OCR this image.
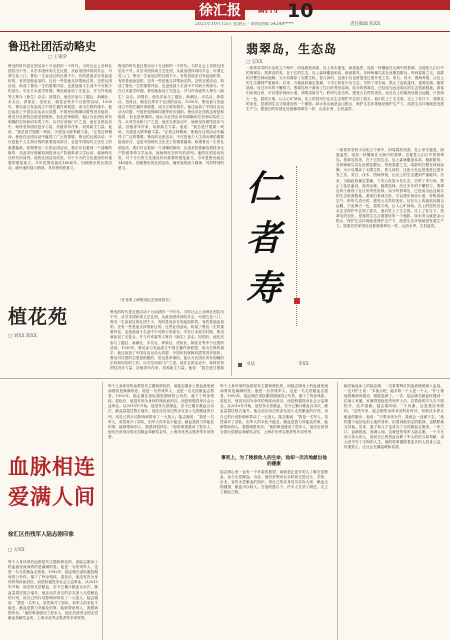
徐汇报	副刊 10
2021年10月15日 星期五 · 新闻热线 54249****	责任编辑 陈XX
鲁迅社团活动略史
□ 王锡荣
鲁迅的时代是社团活动十分活跃的一个时代。当时社会上各种社团层出不穷，从学术团体到文艺社团，从政治团体到同乡会，可谓五花八门。鲁迅一生参加过的社团不少，有的是他亲自发起组织的，有的是他参加的，还有一些是他支持帮助过的。这些社团活动，构成了鲁迅一生的重要内容，也是他战斗生涯中不可缺少的部分。早在日本留学时期，鲁迅就参加了光复会，并与许寿裳等人筹办《新生》杂志。回国后，他先后参与了越社、新潮社、未名社、莽原社、语丝社、朝花社等多个社团的活动。1930年，鲁迅参与发起成立中国左翼作家联盟，成为左联的旗手。他还参加了中国自由运动大同盟、中国民权保障同盟等进步组织。鲁迅对社团的态度是积极的，但也是审慎的。他认为社团应该有明确的宗旨和切实的工作，反对空谈和门户之见。他在社团活动中，始终坚持团结进步力量，扶植青年作家，培养新生力量。他说：“我总是甘愿做一块砖，为建造大厦奉献力量。”正是这种精神，使他在社团活动中赢得了广泛的尊敬。鲁迅的社团活动，不仅是他个人生命历程的重要组成部分，也是中国现代文化史上的重要篇章。纵观鲁迅一生的社团活动，我们可以看到一个清晰的脉络：从追求民族解放到投身无产阶级革命文学运动，他始终站在时代的前列。他的社团活动经验，对于今天的文化建设仍有重要的借鉴意义。今年是鲁迅诞辰140周年，回顾鲁迅的社团活动，缅怀他的战斗精神，具有特别的意义。
鲁迅的时代是社团活动十分活跃的一个时代。当时社会上各种社团层出不穷，从学术团体到文艺社团，从政治团体到同乡会，可谓五花八门。鲁迅一生参加过的社团不少，有的是他亲自发起组织的，有的是他参加的，还有一些是他支持帮助过的。这些社团活动，构成了鲁迅一生的重要内容，也是他战斗生涯中不可缺少的部分。早在日本留学时期，鲁迅就参加了光复会，并与许寿裳等人筹办《新生》杂志。回国后，他先后参与了越社、新潮社、未名社、莽原社、语丝社、朝花社等多个社团的活动。1930年，鲁迅参与发起成立中国左翼作家联盟，成为左联的旗手。他还参加了中国自由运动大同盟、中国民权保障同盟等进步组织。鲁迅对社团的态度是积极的，但也是审慎的。他认为社团应该有明确的宗旨和切实的工作，反对空谈和门户之见。他在社团活动中，始终坚持团结进步力量，扶植青年作家，培养新生力量。他说：“我总是甘愿做一块砖，为建造大厦奉献力量。”正是这种精神，使他在社团活动中赢得了广泛的尊敬。鲁迅的社团活动，不仅是他个人生命历程的重要组成部分，也是中国现代文化史上的重要篇章。纵观鲁迅一生的社团活动，我们可以看到一个清晰的脉络：从追求民族解放到投身无产阶级革命文学运动，他始终站在时代的前列。他的社团活动经验，对于今天的文化建设仍有重要的借鉴意义。今年是鲁迅诞辰140周年，回顾鲁迅的社团活动，缅怀他的战斗精神，具有特别的意义。
（作者系上海鲁迅纪念馆原馆长）
植花苑
□ 刘XX 陈XX
鲁迅的时代是社团活动十分活跃的一个时代。当时社会上各种社团层出不穷，从学术团体到文艺社团，从政治团体到同乡会，可谓五花八门。鲁迅一生参加过的社团不少，有的是他亲自发起组织的，有的是他参加的，还有一些是他支持帮助过的。这些社团活动，构成了鲁迅一生的重要内容，也是他战斗生涯中不可缺少的部分。早在日本留学时期，鲁迅就参加了光复会，并与许寿裳等人筹办《新生》杂志。回国后，他先后参与了越社、新潮社、未名社、莽原社、语丝社、朝花社等多个社团的活动。1930年，鲁迅参与发起成立中国左翼作家联盟，成为左联的旗手。他还参加了中国自由运动大同盟、中国民权保障同盟等进步组织。鲁迅对社团的态度是积极的，但也是审慎的。他认为社团应该有明确的宗旨和切实的工作，反对空谈和门户之见。他在社团活动中，始终坚持团结进步力量，扶植青年作家，培养新生力量。他说：“我总是甘愿做
翡翠岛，生态岛
□ 吴XX
一座孤零零的小岛屹立于海中，四周碧波荡漾，岛上草木葱茏，绿意盎然，宛如一块镶嵌在大海中的翡翠。这便是人们口中的翡翠岛。翡翠岛的美，在于它的生态。岛上森林覆盖率高，植被繁茂，各种珍稀鸟类在此栖息繁衍。每到春夏之交，成群的白鹭在林间起舞，为小岛增添了无限生机。曾几何时，这座小岛也曾饱受过度开发之苦。采石、伐木、围海养殖，让岛上的生态遭到严重破坏。后来，当地政府痛定思痛，下决心恢复小岛生态，关停了采石场，禁止了乱砍滥伐，退养还滩，植树造林。经过多年的不懈努力，翡翠岛终于重现了往日的秀美容颜。如今的翡翠岛，已经成为远近闻名的生态旅游胜地。游客们来到这里，可以漫步林间小道，呼吸清新空气，聆听鸟语虫鸣，感受大自然的美好。站在岛上的最高处极目远眺，只见海天一色，碧波万顷，让人心旷神怡。岛上的居民们也从生态保护中尝到了甜头，他们吃上了生态饭，过上了好日子。翡翠岛的变化，是我国生态文明建设的一个缩影。绿水青山就是金山银山，保护生态环境就是保护生产力，改善生态环境就是发展生产力。愿我们的家园处处都像翡翠岛一样，山清水秀，生机盎然。
一座孤零零的小岛屹立于海中，四周碧波荡漾，岛上草木葱茏，绿意盎然，宛如一块镶嵌在大海中的翡翠。这便是人们口中的翡翠岛。翡翠岛的美，在于它的生态。岛上森林覆盖率高，植被繁茂，各种珍稀鸟类在此栖息繁衍。每到春夏之交，成群的白鹭在林间起舞，为小岛增添了无限生机。曾几何时，这座小岛也曾饱受过度开发之苦。采石、伐木、围海养殖，让岛上的生态遭到严重破坏。后来，当地政府痛定思痛，下决心恢复小岛生态，关停了采石场，禁止了乱砍滥伐，退养还滩，植树造林。经过多年的不懈努力，翡翠岛终于重现了往日的秀美容颜。如今的翡翠岛，已经成为远近闻名的生态旅游胜地。游客们来到这里，可以漫步林间小道，呼吸清新空气，聆听鸟语虫鸣，感受大自然的美好。站在岛上的最高处极目远眺，只见海天一色，碧波万顷，让人心旷神怡。岛上的居民们也从生态保护中尝到了甜头，他们吃上了生态饭，过上了好日子。翡翠岛的变化，是我国生态文明建设的一个缩影。绿水青山就是金山银山，保护生态环境就是保护生产力，改善生态环境就是发展生产力。愿我们的家园处处都像翡翠岛一样，山清水秀，生机盎然。
仁者寿
书法	李XX
血脉相连 爱满人间
徐汇区伤残军人陆志刚印象
□ 方XX
每个人身体里的血都是有主题和颜色的，而陆志刚身上的血液里流淌着的是满满的爱。他是一名伤残军人，也是一名无偿献血志愿者。1992年，陆志刚在部队服役期间因公负伤，落下了终身残疾。退伍后，他没有因为身体的残疾而消沉，而是积极投身社会公益事业。从2010年开始，他坚持无偿献血，至今已累计献血百余次，献血量超过数万毫升。他还动员身边的亲友加入无偿献血的行列，用自己的行动影响和带动了一大批人。陆志刚说：“我是一名军人，虽然离开了部队，但军人的本色不能丢。献血是我力所能及的事，能够帮助别人，我感到很快乐。”他的事迹感动了很多人，他先后获得全国无偿献血奉献奖金奖、上海市优秀志愿者等多项荣誉。
每个人身体里的血都是有主题和颜色的，而陆志刚身上的血液里流淌着的是满满的爱。他是一名伤残军人，也是一名无偿献血志愿者。1992年，陆志刚在部队服役期间因公负伤，落下了终身残疾。退伍后，他没有因为身体的残疾而消沉，而是积极投身社会公益事业。从2010年开始，他坚持无偿献血，至今已累计献血百余次，献血量超过数万毫升。他还动员身边的亲友加入无偿献血的行列，用自己的行动影响和带动了一大批人。陆志刚说：“我是一名军人，虽然离开了部队，但军人的本色不能丢。献血是我力所能及的事，能够帮助别人，我感到很快乐。”他的事迹感动了很多人，他先后获得全国无偿献血奉献奖金奖、上海市优秀志愿者等多项荣誉。
每个人身体里的血都是有主题和颜色的，而陆志刚身上的血液里流淌着的是满满的爱。他是一名伤残军人，也是一名无偿献血志愿者。1992年，陆志刚在部队服役期间因公负伤，落下了终身残疾。退伍后，他没有因为身体的残疾而消沉，而是积极投身社会公益事业。从2010年开始，他坚持无偿献血，至今已累计献血百余次，献血量超过数万毫升。他还动员身边的亲友加入无偿献血的行列，用自己的行动影响和带动了一大批人。陆志刚说：“我是一名军人，虽然离开了部队，但军人的本色不能丢。献血是我力所能及的事，能够帮助别人，我感到很快乐。”他的事迹感动了很多人，他先后获得全国无偿献血奉献奖金奖、上海市优秀志愿者等多项荣誉。
事死上，为了挽救他人的生命，他却一次次地献出他的健康
陆志刚心里一直有一个朴素的愿望，那就是让更多的人了解无偿献血，参与无偿献血。为此，他经常利用业余时间走进社区、学校、企业，宣传无偿献血的知识，用自己的亲身经历告诉大家，献血无损健康，献血可以救人。在他的感召下，许多人打消了顾虑，走上了献血之路。
输在输血床上的陆志刚，一边看着鲜红的血液缓缓流入血袋，一边对护士说：“多抽点吧，能多救一个人是一个人。”护士被他的精神所感动，眼眶湿润了。一次，陆志刚在献血时遇到一位病人家属，家属得知他是伤残军人后，拉着他的手久久不愿松开，连声道谢。陆志刚却说：“不用谢，这是我应该做的。”这些年来，陆志刚的身体状况时好时坏，但他从未停止献血的脚步。他说：“只要身体允许，我就会一直献下去。”他的妻子起初也担心他的身体，但看到他坚定的眼神，也默默地支持他。后来，妻子和儿子也成为了无偿献血志愿者。一家三口，血脉相连，爱满人间。这就是伤残军人陆志刚，一个平凡而又伟大的人，他用自己的热血诠释了军人的担当和奉献，用大爱书写了无悔的人生。他的故事激励着更多的人投身公益，传递爱心，让社会充满温暖和希望。
